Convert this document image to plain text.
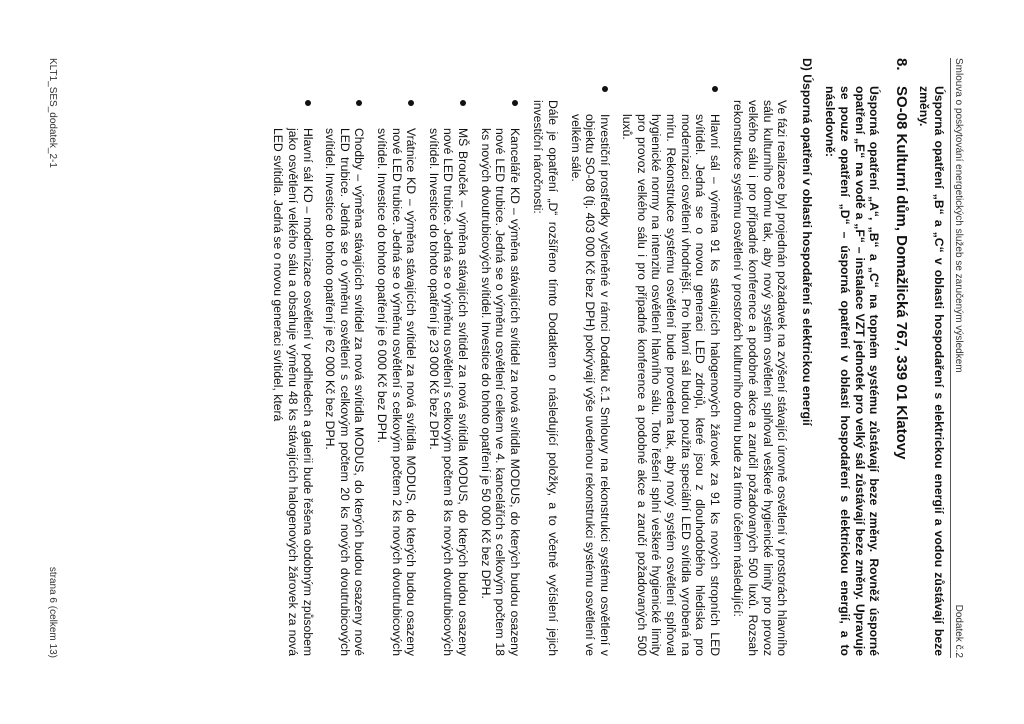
Smlouva o poskytování energetických služeb se zaručeným výsledkem
Dodatek č.2

Úsporná opatření „B“ a „C“ v oblasti hospodaření s elektrickou energií a vodou zůstávají beze změny.

8.
SO-08 Kulturní dům, Domažlická 767, 339 01 Klatovy

Úsporná opatření „A“, „B“ a „C“ na topném systému zůstávají beze změny. Rovněž úsporné opatření „E“ na vodě a „F“ – instalace VZT jednotek pro velký sál zůstávají beze změny. Upravuje se pouze opatření „D“ – úsporná opatření v oblasti hospodaření s elektrickou energií, a to následovně:

D) Úsporná opatření v oblasti hospodaření s elektrickou energií

Ve fázi realizace byl projednán požadavek na zvýšení stávající úrovně osvětlení v prostorách hlavního sálu kulturního domu tak, aby nový systém osvětlení splňoval veškeré hygienické limity pro provoz velkého sálu i pro případné konference a podobné akce a zaručil požadovaných 500 luxů. Rozsah rekonstrukce systému osvětlení v prostorách kulturního domu bude za tímto účelem následující:

Hlavní sál – výměna 91 ks stávajících halogenových žárovek za 91 ks nových stropních LED svítidel. Jedná se o novou generaci LED zdrojů, které jsou z dlouhodobého hlediska pro modernizaci osvětlení vhodnější. Pro hlavní sál budou použita speciální LED svítidla vyrobená na míru. Rekonstrukce systému osvětlení bude provedena tak, aby nový systém osvětlení splňoval hygienické normy na intenzitu osvětlení hlavního sálu. Toto řešení splní veškeré hygienické limity pro provoz velkého sálu i pro případné konference a podobné akce a zaručí požadovaných 500 luxů.
Investiční prostředky vyčleněné v rámci Dodatku č.1 Smlouvy na rekonstrukci systému osvětlení v objektu SO-08 (tj. 403 000 Kč bez DPH) pokrývají výše uvedenou rekonstrukci systému osvětlení ve velkém sále.

Dále je opatření „D“ rozšířeno tímto Dodatkem o následující položky, a to včetně vyčíslení jejich investiční náročnosti:

Kanceláře KD – výměna stávajících svítidel za nová svítidla MODUS, do kterých budou osazeny nové LED trubice. Jedná se o výměnu osvětlení celkem ve 4. kancelářích s celkovým počtem 18 ks nových dvoutrubicových svítidel. Investice do tohoto opatření je 50 000 Kč bez DPH.
MŠ Brouček – výměna stávajících svítidel za nová svítidla MODUS, do kterých budou osazeny nové LED trubice. Jedná se o výměnu osvětlení s celkovým počtem 8 ks nových dvoutrubicových svítidel. Investice do tohoto opatření je 23 000 Kč bez DPH.
Vrátnice KD – výměna stávajících svítidel za nová svítidla MODUS, do kterých budou osazeny nové LED trubice. Jedná se o výměnu osvětlení s celkovým počtem 2 ks nových dvoutrubicových svítidel. Investice do tohoto opatření je 6 000 Kč bez DPH.
Chodby – výměna stávajících svítidel za nová svítidla MODUS, do kterých budou osazeny nové LED trubice. Jedná se o výměnu osvětlení s celkovým počtem 20 ks nových dvoutrubicových svítidel. Investice do tohoto opatření je 62 000 Kč bez DPH.
Hlavní sál KD – modernizace osvětlení v podhledech a galerii bude řešena obdobným způsobem jako osvětlení velkého sálu a obsahuje výměnu 48 ks stávajících halogenových žárovek za nová LED svítidla. Jedná se o novou generaci svítidel, která
KLT1_SES_dodatek_2-1
strana 6 (celkem 13)
